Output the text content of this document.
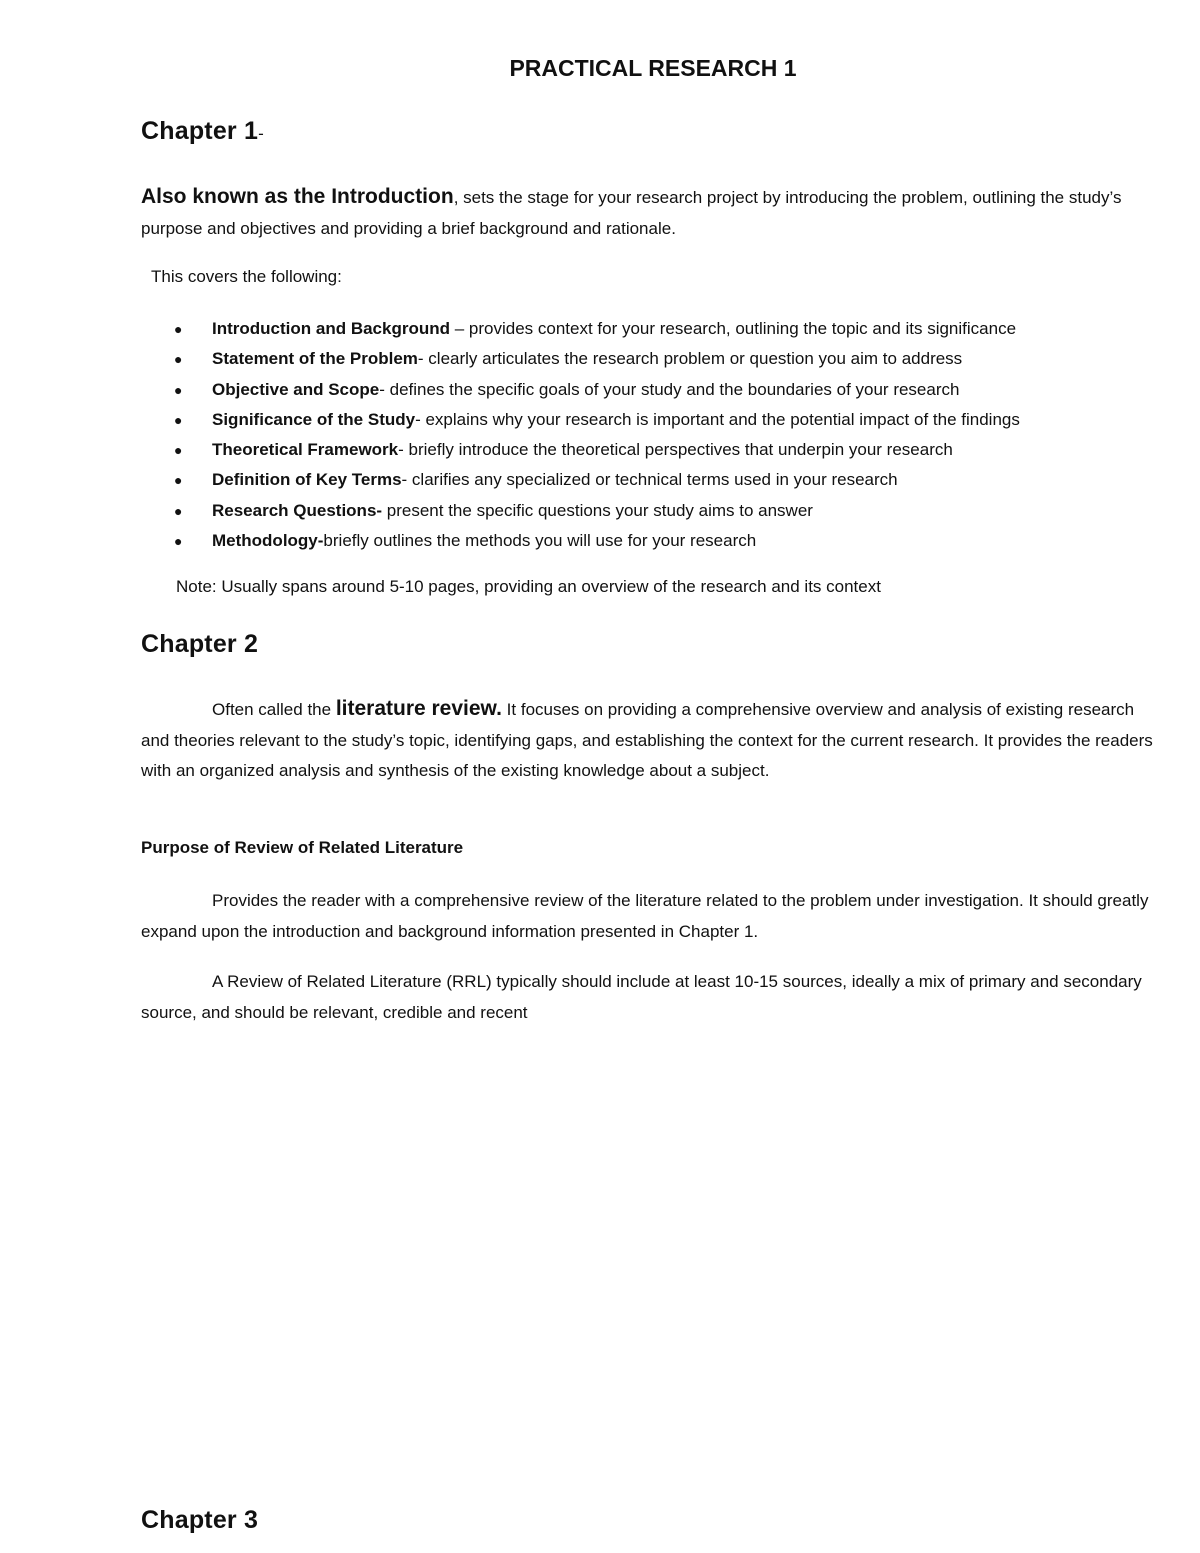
PRACTICAL RESEARCH 1
Chapter 1-

Also known as the Introduction, sets the stage for your research project by introducing the problem, outlining the study’s purpose and objectives and providing a brief background and rationale.

This covers the following:

● Introduction and Background – provides context for your research, outlining the topic and its significance
● Statement of the Problem- clearly articulates the research problem or question you aim to address
● Objective and Scope- defines the specific goals of your study and the boundaries of your research
● Significance of the Study- explains why your research is important and the potential impact of the findings
● Theoretical Framework- briefly introduce the theoretical perspectives that underpin your research
● Definition of Key Terms- clarifies any specialized or technical terms used in your research
● Research Questions- present the specific questions your study aims to answer
● Methodology-briefly outlines the methods you will use for your research

Note: Usually spans around 5-10 pages, providing an overview of the research and its context

Chapter 2

Often called the literature review. It focuses on providing a comprehensive overview and analysis of existing research and theories relevant to the study’s topic, identifying gaps, and establishing the context for the current research. It provides the readers with an organized analysis and synthesis of the existing knowledge about a subject.

Purpose of Review of Related Literature

Provides the reader with a comprehensive review of the literature related to the problem under investigation. It should greatly expand upon the introduction and background information presented in Chapter 1.

A Review of Related Literature (RRL) typically should include at least 10-15 sources, ideally a mix of primary and secondary source, and should be relevant, credible and recent

Chapter 3
